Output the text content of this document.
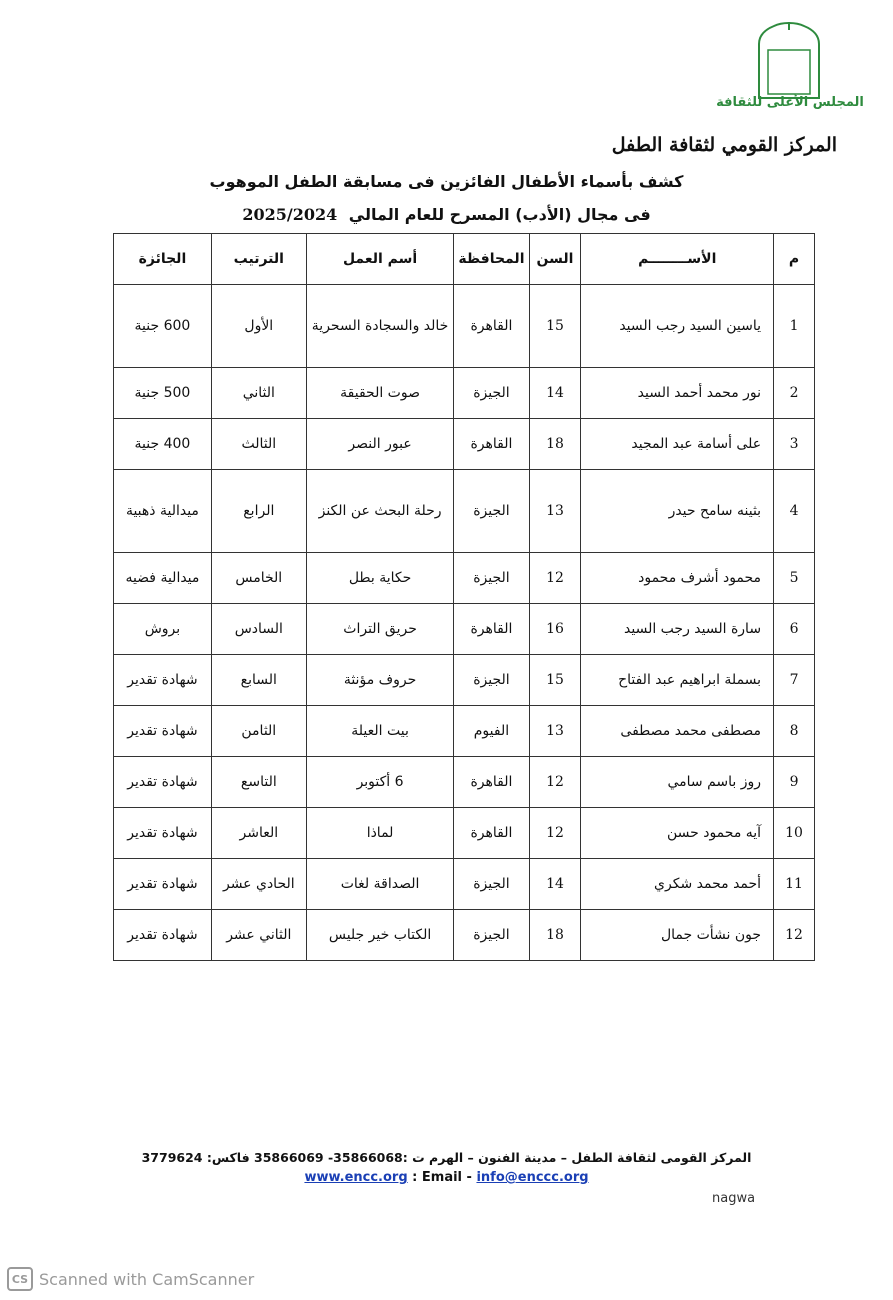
المجلس الأعلى للثقافة
المركز القومي لثقافة الطفل
كشف بأسماء الأطفال الفائزين فى مسابقة الطفل الموهوب
فى مجال (الأدب) المسرح للعام المالي 2025/2024
م	الأســــــــم	السن	المحافظة	أسم العمل	الترتيب	الجائزة
1	ياسين السيد رجب السيد	15	القاهرة	خالد والسجادة السحرية	الأول	600 جنية
2	نور محمد أحمد السيد	14	الجيزة	صوت الحقيقة	الثاني	500 جنية
3	على أسامة عبد المجيد	18	القاهرة	عبور النصر	الثالث	400 جنية
4	بثينه سامح حيدر	13	الجيزة	رحلة البحث عن الكنز	الرابع	ميدالية ذهبية
5	محمود أشرف محمود	12	الجيزة	حكاية بطل	الخامس	ميدالية فضيه
6	سارة السيد رجب السيد	16	القاهرة	حريق التراث	السادس	بروش
7	بسملة ابراهيم عبد الفتاح	15	الجيزة	حروف مؤنثة	السابع	شهادة تقدير
8	مصطفى محمد مصطفى	13	الفيوم	بيت العيلة	الثامن	شهادة تقدير
9	روز باسم سامي	12	القاهرة	6 أكتوبر	التاسع	شهادة تقدير
10	آيه محمود حسن	12	القاهرة	لماذا	العاشر	شهادة تقدير
11	أحمد محمد شكري	14	الجيزة	الصداقة لغات	الحادي عشر	شهادة تقدير
12	جون نشأت جمال	18	الجيزة	الكتاب خير جليس	الثاني عشر	شهادة تقدير
المركز القومى لثقافة الطفل – مدينة الفنون – الهرم ت :35866068- 35866069 فاكس: 3779624
www.encc.org : Email - info@enccc.org
nagwa
CS Scanned with CamScanner
